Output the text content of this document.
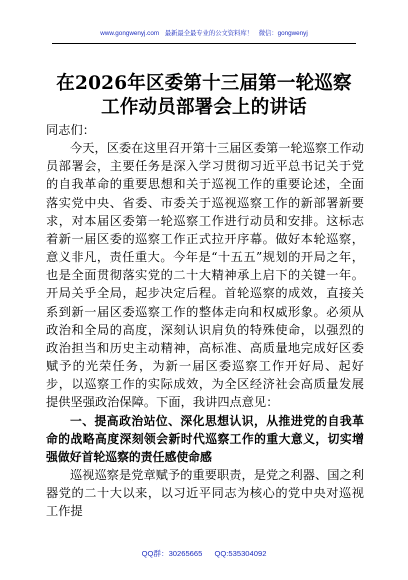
www.gongwenyj.com 最新最全最专业的公文资料库！ 微信：gongwenyj
在2026年区委第十三届第一轮巡察工作动员部署会上的讲话

同志们：

今天，区委在这里召开第十三届区委第一轮巡察工作动员部署会，主要任务是深入学习贯彻习近平总书记关于党的自我革命的重要思想和关于巡视工作的重要论述，全面落实党中央、省委、市委关于巡视巡察工作的新部署新要求，对本届区委第一轮巡察工作进行动员和安排。这标志着新一届区委的巡察工作正式拉开序幕。做好本轮巡察，意义非凡，责任重大。今年是“十五五”规划的开局之年，也是全面贯彻落实党的二十大精神承上启下的关键一年。开局关乎全局，起步决定后程。首轮巡察的成效，直接关系到新一届区委巡察工作的整体走向和权威形象。必须从政治和全局的高度，深刻认识肩负的特殊使命，以强烈的政治担当和历史主动精神，高标准、高质量地完成好区委赋予的光荣任务，为新一届区委巡察工作开好局、起好步，以巡察工作的实际成效，为全区经济社会高质量发展提供坚强政治保障。下面，我讲四点意见：

一、提高政治站位、深化思想认识，从推进党的自我革命的战略高度深刻领会新时代巡察工作的重大意义，切实增强做好首轮巡察的责任感使命感

巡视巡察是党章赋予的重要职责，是党之利器、国之利器党的二十大以来，以习近平同志为核心的党中央对巡视工作提

QQ群：30265665 QQ:535304092
